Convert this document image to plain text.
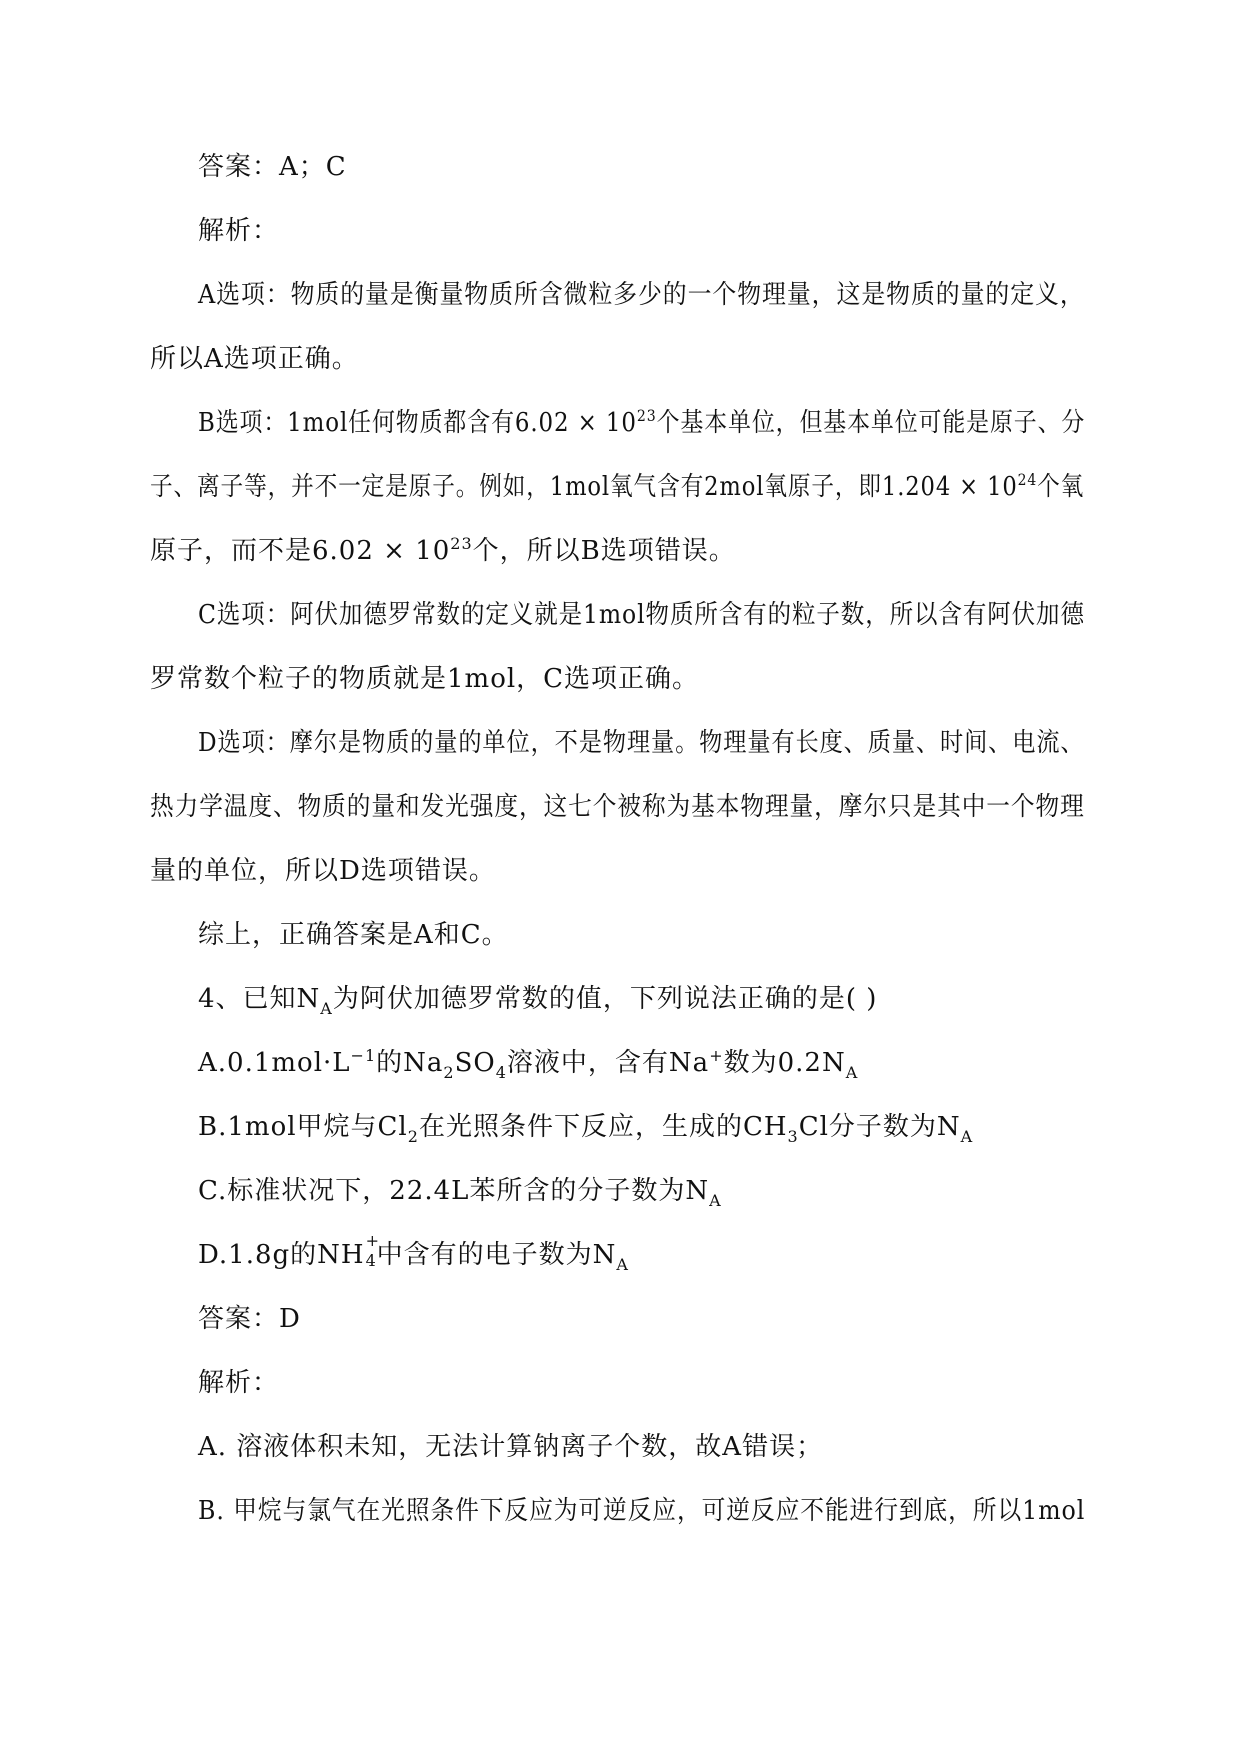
答案：A；C
解析：
A选项：物质的量是衡量物质所含微粒多少的一个物理量，这是物质的量的定义，
所以A选项正确。
B选项：1mol任何物质都含有$6.02 \times 10^{23}$个基本单位，但基本单位可能是原子、分
子、离子等，并不一定是原子。例如，1mol氧气含有2mol氧原子，即$1.204 \times 10^{24}$个氧
原子，而不是$6.02 \times 10^{23}$个，所以B选项错误。
C选项：阿伏加德罗常数的定义就是1mol物质所含有的粒子数，所以含有阿伏加德
罗常数个粒子的物质就是1mol，C选项正确。
D选项：摩尔是物质的量的单位，不是物理量。物理量有长度、质量、时间、电流、
热力学温度、物质的量和发光强度，这七个被称为基本物理量，摩尔只是其中一个物理
量的单位，所以D选项错误。
综上，正确答案是A和C。
4、已知$N_A$为阿伏加德罗常数的值，下列说法正确的是( )
$A.0.1mol\cdot L^{-1}$的$Na_2SO_4$溶液中，含有Na+数为$0.2N_A$
B.1mol甲烷与$Cl_2$在光照条件下反应，生成的$CH_3Cl$分子数为$N_A$
C.标准状况下，22.4L苯所含的分子数为$N_A$
D.1.8g的NH +
4 中含有的电子数为$N_A$
答案：D
解析：
A. 溶液体积未知，无法计算钠离子个数，故A错误；
B. 甲烷与氯气在光照条件下反应为可逆反应，可逆反应不能进行到底，所以1mol
